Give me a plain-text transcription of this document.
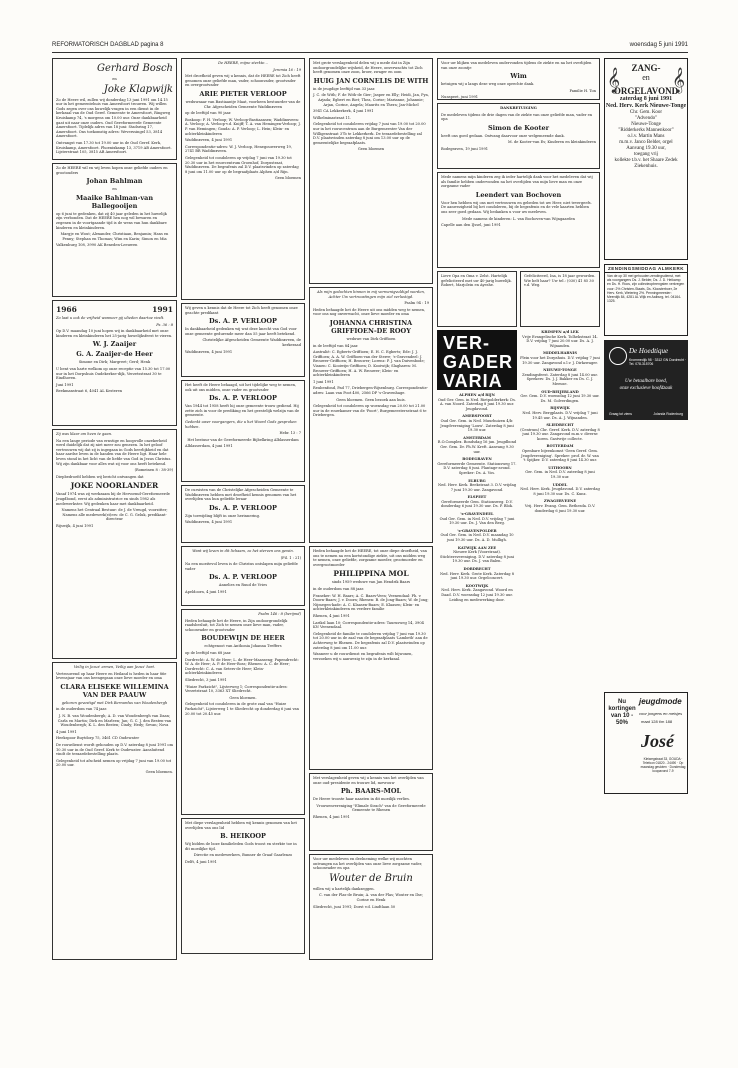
REFORMATORISCH DAGBLAD pagina 8	woensdag 5 juni 1991
Gerhard Bosch
en
Joke Klapwijk

Zo de Heere wil, zullen wij donderdag 13 juni 1991 om 14.15 uur in het gemeentehuis van Amersfoort trouwen. Wij willen Gods zegen over ons huwelijk vragen in een dienst in de kerkzaal van de Oud Geref. Gemeente te Amersfoort, Ringweg Kruiskamp 74, 's morgens om 10.00 uur. Onze dankbaarheid gaat uit naar onze ouders. Oud Gereformeerde Gemeente Amersfoort. Tijdelijk adres van 18 juni: Stadsring 17, Amersfoort. Ons toekomstig adres: Weverssingel 53, 3814 Amersfoort.

Ontvangst van 17.30 tot 19.00 uur in de Oud Geref. Kerk, Kruiskamp, Amersfoort. Phoenixkamp 13, 3719 AB Amersfoort. Lijsterstraat 105, 3815 AB Amersfoort.

Zo de HEERE wil en wij leven hopen onze geliefde ouders en grootouders

Johan Bahlman
en
Maaike Bahlman-van Ballegooijen

op 6 juni te gedenken, dat zij 40 jaar geleden in het huwelijk zijn verbonden. Dat de HEERE hen nog wil bewaren en zegenen in de voortgaande tijd is de wens van hun dankbare kinderen en kleinkinderen.

Margje en Wout; Alexander, Christiaan, Benjamin; Hans en Fenny; Stephan en Thomas; Wim en Karin; Simon en Mia

Valkenburg 108, 3990 AK Beneden-Leeuwen

1966	1991

Zo laat u ook de vrijheid wanneer gij ulieden daartoe vindt.

Ps. 36 : 8

Op D.V. maandag 10 juni hopen wij in dankbaarheid met onze kinderen en kleinkinderen het 25-jarig huwelijksfeest te vieren.

W. J. Zaaijer
G. A. Zaaijer-de Heer

Simone en Dirk; Margreet; Gerd; Henk

U bent van harte welkom op onze receptie van 15.30 tot 17.00 uur in het Dorpshuis Oudekerkse-dijk, Verzetsstraat 30 te Eindhoven.

Juni 1991

Beekmanstraat 6, 4041 AL Kesteren

Zij was klaar om heen te gaan.

Na een lange periode van ernstige en hoopvolle onzekerheid werd duidelijk dat zij niet meer zou genezen. In het geloof vertrouwen wij dat zij is ingegaan in Gods heerlijkheid en dat haar aardse leven in de handen van de Heere ligt. Haar hele leven stond in het licht van de liefde van God in Jezus Christus. Wij zijn dankbaar voor alles wat zij voor ons heeft betekend.

(Romeinen 8 : 38-39)

Diepbedroefd hebben wij bericht ontvangen dat

JOKE NOORLANDER

Vanaf 1974 was zij werkzaam bij de Hervormd-Gereformeerde Jeugdbond, eerst als administratrice en sinds 1982 als medewerkster. Wij gedenken haar met dankbaarheid.

Namens het Centraal Bestuur: de J. de Vreugd, voorzitter; Namens alle medewerk(st)ers: de C. G. Geluk, predikant-directeur

Rijswijk, 4 juni 1991

Veilig in Jezus' armen, Veilig aan Jezus' hart.

Vertrouwend op haar Heere en Heiland is heden in haar 86e levensjaar van ons heengegaan onze lieve moeder en oma

CLARA ELISEKE WILLEMINA VAN DER PAAUW

geboren gevestigd met Dirk Bernardus van Woudenbergh

in de ouderdom van 74 jaar.

J. N. B. van Woudenbergh; A. D. van Woudenbergh van Daan; Carla en Martin; Dirk en Marleen; Jan; G. C. J. den Besten-van Woudenbergh; K. L. den Besten; Cindy; Hedy; Sevan; Nova

4 juni 1991

Heekspoor Buytdorp 75, 3461 CD Oudewater

De rouwdienst wordt gehouden op D.V. zaterdag 8 juni 1991 om 10.30 uur in de Oud Geref. Kerk te Oudewater. Aansluitend vindt de teraardebestelling plaats.

Gelegenheid tot afscheid nemen op vrijdag 7 juni van 19.00 tot 20.00 uur.

Geen bloemen.

De HEERE, mijne sterkte...

Jeremia 16 : 19

Met droefheid geven wij u kennis, dat de HEERE tot Zich heeft genomen onze geliefde man, vader, schoonvader, grootvader en overgrootvader

ARIE PIETER VERLOOP

weduwnaar van Bastiaantje Maat, voorheen bestuurder van de Chr. Afgescheiden Gemeente Waddinxveen

op de leeftijd van 90 jaar.

Boskoop: F. H. Verloop; W. Verloop-Bastiaansen; Waddinxveen: A. Verloop; A. Verloop-v.d. Knijff; T. A. van Hemingen-Verloop; J. P. van Hemingen; Gouda: A. P. Verloop; L. Hein; Klein- en achterkleinkinderen

Waddinxveen, 4 juni 1991

Correspondentie-adres: W. J. Verloop, Henegouwerweg 19, 2741 BR Waddinxveen.

Gelegenheid tot condoleren op vrijdag 7 juni van 19.30 tot 20.30 uur in het rouwcentrum Groenhof, Dorpsstraat, Waddinxveen. De begrafenis zal D.V. plaatsvinden op zaterdag 8 juni om 11.00 uur op de begraafplaats Alphen a/d Rijn.

Geen bloemen

Wij geven u kennis dat de Heere tot Zich heeft genomen onze geachte predikant

Ds. A. P. VERLOOP

In dankbaarheid gedenken wij wat deze knecht van God voor onze gemeente gedurende meer dan 55 jaar heeft betekend.

Christelijke Afgescheiden Gemeente Waddinxveen, de kerkeraad

Waddinxveen, 4 juni 1991

Het heeft de Heere behaagd, uit het tijdelijke weg te nemen, ook uit ons midden, onze vader en grootvader

Ds. A. P. VERLOOP

Van 1944 tot 1958 heeft hij onze gemeente trouw gediend. Hij zette zich in voor de prediking en het geestelijk welzijn van de gemeente.

Gedenkt uwer voorgangers, die u het Woord Gods gesproken hebben.

Hebr. 13 : 7

Het bestuur van de Gereformeerde Bijbelkring Alblasserdam

Alblasserdam, 4 juni 1991

De cursisten van de Christelijke Afgescheiden Gemeente te Waddinxveen hebben met droefheid kennis genomen van het overlijden van hun geliefde leraar

Ds. A. P. VERLOOP

Zijn toewijding blijft in onze herinnering.

Waddinxveen, 4 juni 1991

Want wij leven in dit lichaam, zo het sterven ons gewin.

(Fil. 1 : 21)

Na een moeitevol leven is de Christus ontslapen mijn geliefde vader

Ds. A. P. VERLOOP

Annelies en Ruud de Vries

Apeldoorn, 4 juni 1991

Psalm 146 : 8 (berijmd)

Heden behaagde het de Heere, in Zijn ondoorgrondelijk raadsbesluit, tot Zich te nemen onze lieve man, vader, schoonvader en grootvader

BOUDEWIJN DE HEER

echtgenoot van Anthonia Johanna Treffers

op de leeftijd van 68 jaar.

Dordrecht: A. W. de Heer; L. de Heer-Maasseng; Papendrecht: W. A. de Heer; A. P. de Heer-Boss; Rhenen: A. C. de Heer; Dordrecht: C. A. van Seters-de Heer; Klein- achterkleinkinderen

Sliedrecht, 3 juni 1991

"Huize Parkzicht", Lijsterweg 1; Correspondentie-adres: Verzetstraat 10, 3363 XT Sliedrecht.

Geen bloemen.

Gelegenheid tot condoleren in de grote zaal van "Huize Parkzicht", Lijsterweg 1 te Sliedrecht op donderdag 6 juni van 20.00 tot 20.45 uur.

Met diepe verslagenheid hebben wij kennis genomen van het overlijden van ons lid

B. HEIKOOP

Wij bidden de boze familieleden Gods troost en sterkte toe in dit moeilijke tijd.

Directie en medewerkers, Bunner de Graaf Gaarlenzo

Delft, 4 juni 1991

Met grote verslagenheid delen wij u mede dat in Zijn ondoorgrondelijke wijsheid, de Heere, onverwachts tot Zich heeft genomen onze zoon, broer, zwager en oom

HUIG JAN CORNELIS DE WITH

in de jeugdige leeftijd van 33 jaar.

J. C. de With; F. de With-de Gier; Jasper en Elly; Heidi, Jan, Pya, Arjada; Egbert en Riet; Thea, Corise; Marianne, Johannie; Arjan, Corine, Angela; Maurits en Thera; Jan-Michel

3941 CA Lekkerkerk, 4 juni 1991

Wilhelminastraat 11.

Gelegenheid tot condoleren vrijdag 7 juni van 19.00 tot 20.00 uur in het rouwcentrum aan de Burgemeester Van der Willigenstraat 37b te Lekkerkerk. De teraardebestelling zal D.V. plaatsvinden zaterdag 8 juni om 13.00 uur op de gemeentelijke begraafplaats.

Geen bloemen

Als mijn gedachten binnen in mij vermenigvuldigd worden, Achter Uw vertroostingen mijn ziel verlustigd.

Psalm 94 : 19

Heden behaagde het de Heere uit ons midden weg te nemen, voor ons nog onverwacht, onze lieve moeder en oma

JOHANNA CHRISTINA GRIFFIOEN-DE ROOY

weduwe van Dirk Griffioen

in de leeftijd van 84 jaar.

Australië: C. Egberts-Griffioen; E. H. C. Egberts; Ede: J. J. Griffioen; A. A. W. Griffioen-van der Sterre; 's-Gravendeel: J. Brouwer-Griffioen; H. Brouwer; Lorenz: P. J. van Duivenbode; Vianen: C. Kooiwijn-Griffioen; D. Kooiwijk; Slagharen: M. Brouwer-Griffioen; H. A. W. Brouwer; Klein- en achterkleinkinderen

1 juni 1991

Reubenfond, Pad 77, Driebergen-Rijsenburg. Correspondentie-adres: Laan van Poot 400, 2566 DP 's-Gravenhage.

Geen bloemen. Geen bezoek aan huis.

Gelegenheid tot condoleren op woensdag van 20.00 tot 21.00 uur in de rouwkamer van de 'Poort', Burgemeestersstraat 6 te Driebergen.

Heden behaagde het de HEERE, tot onze diepe droefheid, van ons te nemen na een kortstondige ziekte, uit ons midden weg te nemen, onze geliefde, zorgzame moeder, grootmoeder en overgrootmoeder

PHILIPPINA MOL

sinds 1959 weduwe van Jan Hendrik Baars

in de ouderdom van 88 jaar.

Franeker: W. H. Baars; A. C. Baars-Veen; Veenendaal: Ph. v. Doorn-Baars; J. v. Doorn; Rhenen: B. de Jong-Baars; W. de Jong; Nijmegen-kade: A. C. Klaasen-Baars; E. Klaasen; Klein- en achterkleinkinderen en verdere familie

Rhenen, 4 juni 1991

Lariksl laan 10; Correspondentie-adres: Taurusweg 14, 3904 KN Veenendaal.

Gelegenheid de familie te condoleren vrijdag 7 juni van 19.30 tot 20.00 uur in de zaal van de begraafplaats 'Lambeth' aan de Achterweg te Rhenen. De begrafenis zal D.V. plaatsvinden op zaterdag 8 juni om 11.00 uur.

Wanneer u de rouwdienst en begrafenis wilt bijwonen, verzoeken wij u aanwezig te zijn in de kerkzaal.

Met verslagenheid geven wij u kennis van het overlijden van onze oud-presidente en trouwe lid, mevrouw

Ph. BAARS-MOL

De Heere trooste haar naasten in dit moeilijk verlies.

Vrouwenvereniging "Elimale Sirach" van de Gereformeerde Gemeente te Rhenen

Rhenen, 4 juni 1991

Voor uw medeleven en deelneming welke wij mochten ontvangen na het overlijden van onze lieve zorgzame vader, schoonvader en opa

Wouter de Bruin

willen wij u hartelijk dankzeggen.

C. van der Plas-de Bruin; A. van der Plas; Wouter en Ilse; Corine en Henk

Sliedrecht, juni 1991; Dorst v.d. Lindtlaan 50

Voor uw blijken van medeleven ondervonden tijdens de ziekte en na het overlijden van onze zoontje

Wim

betuigen wij u langs deze weg onze oprechte dank.

Familie H. Ton

Nunspeet, juni 1991

DANKBETUIGING

De medeleven tijdens de drie dagen van de ziekte van onze geliefde man, vader en opa

Simon de Kooter

heeft ons goed gedaan. Ontvang daarvoor onze welgemeende dank.

M. de Kooter-van Es; Kinderen en kleinkinderen

Bodegraven, 19 juni 1991

Mede namens mijn kinderen zeg ik ieder hartelijk dank voor het medeleven dat wij als familie hebben ondervonden na het overlijden van mijn lieve man en onze zorgzame vader

Leendert van Bochoven

Voor hen hebben wij ons met vertrouwen en gebeden tot uw Heer, niet tevergeefs. De aanwezigheid bij het condoleren, bij de begrafenis en de vele kaarten hebben ons zeer goed gedaan. Wij bedanken u voor uw meeleven.

Mede namens de kinderen: L. van Bochoven-van Wijngaarden

Capelle aan den IJssel, juni 1991

Lieve Opa en Oma v. Zelst. Hartelijk gefeliciteerd met uw 40-jarig huwelijk. Robert, Marjolein en Ayeshe.

Gefeliciteerd, Ina, is 18 jaar geworden. Wie belt haar? Uw tel.: (030) 41 85 30 v.d. Weg.

VER-GADER VARIA

ALPHEN a/d RIJN
Oud Ger. Gem. in Ned. Rietpolderkerk: Ds. A. van Noord. Zaterdag 8 juni 19.30 uur. Jeugdavond.

AMERSFOORT
Oud Ger. Gem. in Ned. Muurhuizen 4/b: Jeugdvereniging 'Louw'. Zaterdag 8 juni 19.30 uur.

AMSTERDAM
R.O.Complex. Bondsdag 16 jun. Jeugdbond Ger. Gem. Dr. Ph.W. Kreft. Aanvang 9.30 uur.

BODEGRAVEN
Gereformeerde Gemeente. Stationsweg 17. D.V. zaterdag 8 juni. Plantage-avond. Spreker: Ds. A. Vos.

ELBURG
Ned. Herv. Kerk. Beekstraat 3. D.V. vrijdag 7 juni 19.30 uur. Zangavond.

ELSPEET
Gereformeerde Gem. Stationsweg. D.V. donderdag 6 juni 19.30 uur. Ds. P. Blok.

's-GRAVENDEEL
Oud Ger. Gem. in Ned. D.V. vrijdag 7 juni 19.30 uur. Ds. J. Van den Berg.

's-GRAVENPOLDER
Oud Ger. Gem. in Ned. D.V. maandag 10 juni 19.30 uur. Ds. A. D. Mulligh.

KATWIJK AAN ZEE
Nieuwe Kerk (Voorstraat). Stichtersvereniging. D.V. zaterdag 8 juni 19.30 uur. Ds. J. van Balen.

DORDRECHT
Ned. Herv. Kerk. Grote Kerk. Zaterdag 8 juni 19.30 uur. Orgelconcert.

KOOTWIJK
Ned. Herv. Kerk. Zangavond. Woord en Daad. D.V. woensdag 12 juni 19.30 uur. Leiding en medewerking door.

KRIMPEN a/d LEK
Vrije Evangelische Kerk. Tolhekstraat 14. D.V. vrijdag 7 juni 20.00 uur. Ds. A. J. Wijnanden.

MIDDELHARNIS
Plein voor het Dorpshuis. D.V. vrijdag 7 juni 19.30 uur. Zangavond o.l.v. J. Dirkzwager.

NIEUWE-TONGE
Zendingsfeest. Zaterdag 8 juni 14.00 uur. Sprekers: Ds. J. J. Bakker en Ds. C. J. Meeuse.

OUD-BEIJERLAND
Ger. Gem. D.V. woensdag 12 juni 19.30 uur. Ds. M. Golverdingen.

RIJSWIJK
Ned. Herv. Bergplaats. D.V. vrijdag 7 juni 19.45 uur. Ds. A. J. Wijnanden.

SLIEDRECHT
(Centrum) Chr. Geref. Kerk. D.V. zaterdag 8 juni 19.30 uur. Zangavond m.m.v. diverse koren. Gastvrije collecte.

ROTTERDAM
Openbare bijeenkomst 'Geen Geref. Gem. Jeugdvereniging'. Spreker: prof. dr. W. van 't Spijker. D.V. zaterdag 8 juni 14.30 uur.

UITHOORN
Ger. Gem. in Ned. D.V. zaterdag 8 juni 19.30 uur.

UDDEL
Ned. Herv. Kerk. Jeugdavond. D.V. zaterdag 8 juni 19.30 uur. Ds. C. Kunz.

ZWAGERVEENE
Vrij. Herv. Evang. Gem. Bethesda. D.V. donderdag 6 juni 19.30 uur.

𝄞 𝄞
ZANG-
en
ORGELAVOND
zaterdag 8 juni 1991
Ned. Herv. Kerk Nieuwe-Tonge
Chr. Gem. Koor
"Advendo"
Nieuwe-Tonge
"Ridderkerks Mannenkoor"
o.l.v. Martin Mans
m.m.v. Janco Belder, orgel
Aanvang 19.30 uur,
toegang vrij
kollekte t.b.v. het Shaare Zedek Ziekenhuis.
ZENDINGSMIDDAG ALMKERK
Van de op 30 mei gehouden zendingsdienst, met als voorgangers Ds. J. Belder, Ds. J. D. Heikamp en Ds. H. Roos, zijn collecteopbrengsten verkregen voor: 2% Christen-Staats, Ds. Kloosterboer, 2e Herv. Kerk, Wetering 2%. Penningmeester: Meerdijk 84, 4281 AL Wijk en Aalburg, tel. 04164-1325.
De Hoedtique
Krommedijk 98 · 3312 GN Dordrecht · Tel. 078-315706
Uw betaalbare hoed,
onze exclusieve hoofdzaak
Graag tot ziens	Jolanda Rodenburg
Nu kortingen van 10 - 50%
jeugdmode
voor jongens en meisjes
maat 128 t/m 188
José
Kleiwegstraat 33, GOUDA · Telefoon 01820 - 24490 · Op maandag gesloten · Donderdag koopavond 7-9
